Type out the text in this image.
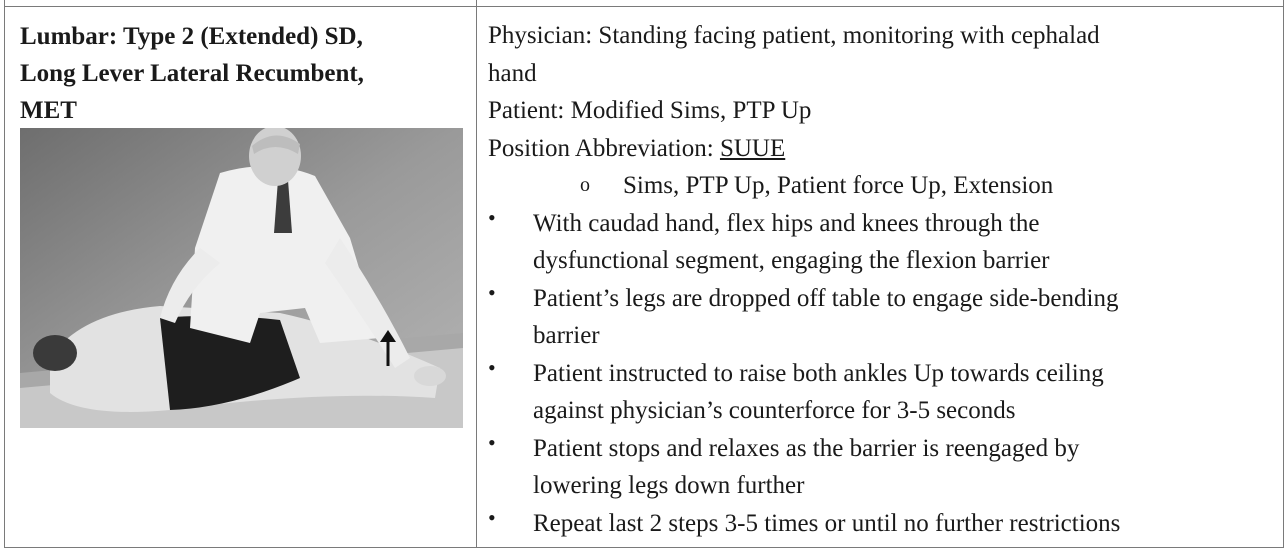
Lumbar: Type 2 (Extended) SD,
Long Lever Lateral Recumbent,
MET

Physician: Standing facing patient, monitoring with cephalad
hand

Patient: Modified Sims, PTP Up

Position Abbreviation: SUUE

o Sims, PTP Up, Patient force Up, Extension

• With caudad hand, flex hips and knees through the
dysfunctional segment, engaging the flexion barrier
• Patient’s legs are dropped off table to engage side-bending
barrier
• Patient instructed to raise both ankles Up towards ceiling
against physician’s counterforce for 3-5 seconds
• Patient stops and relaxes as the barrier is reengaged by
lowering legs down further
• Repeat last 2 steps 3-5 times or until no further restrictions
